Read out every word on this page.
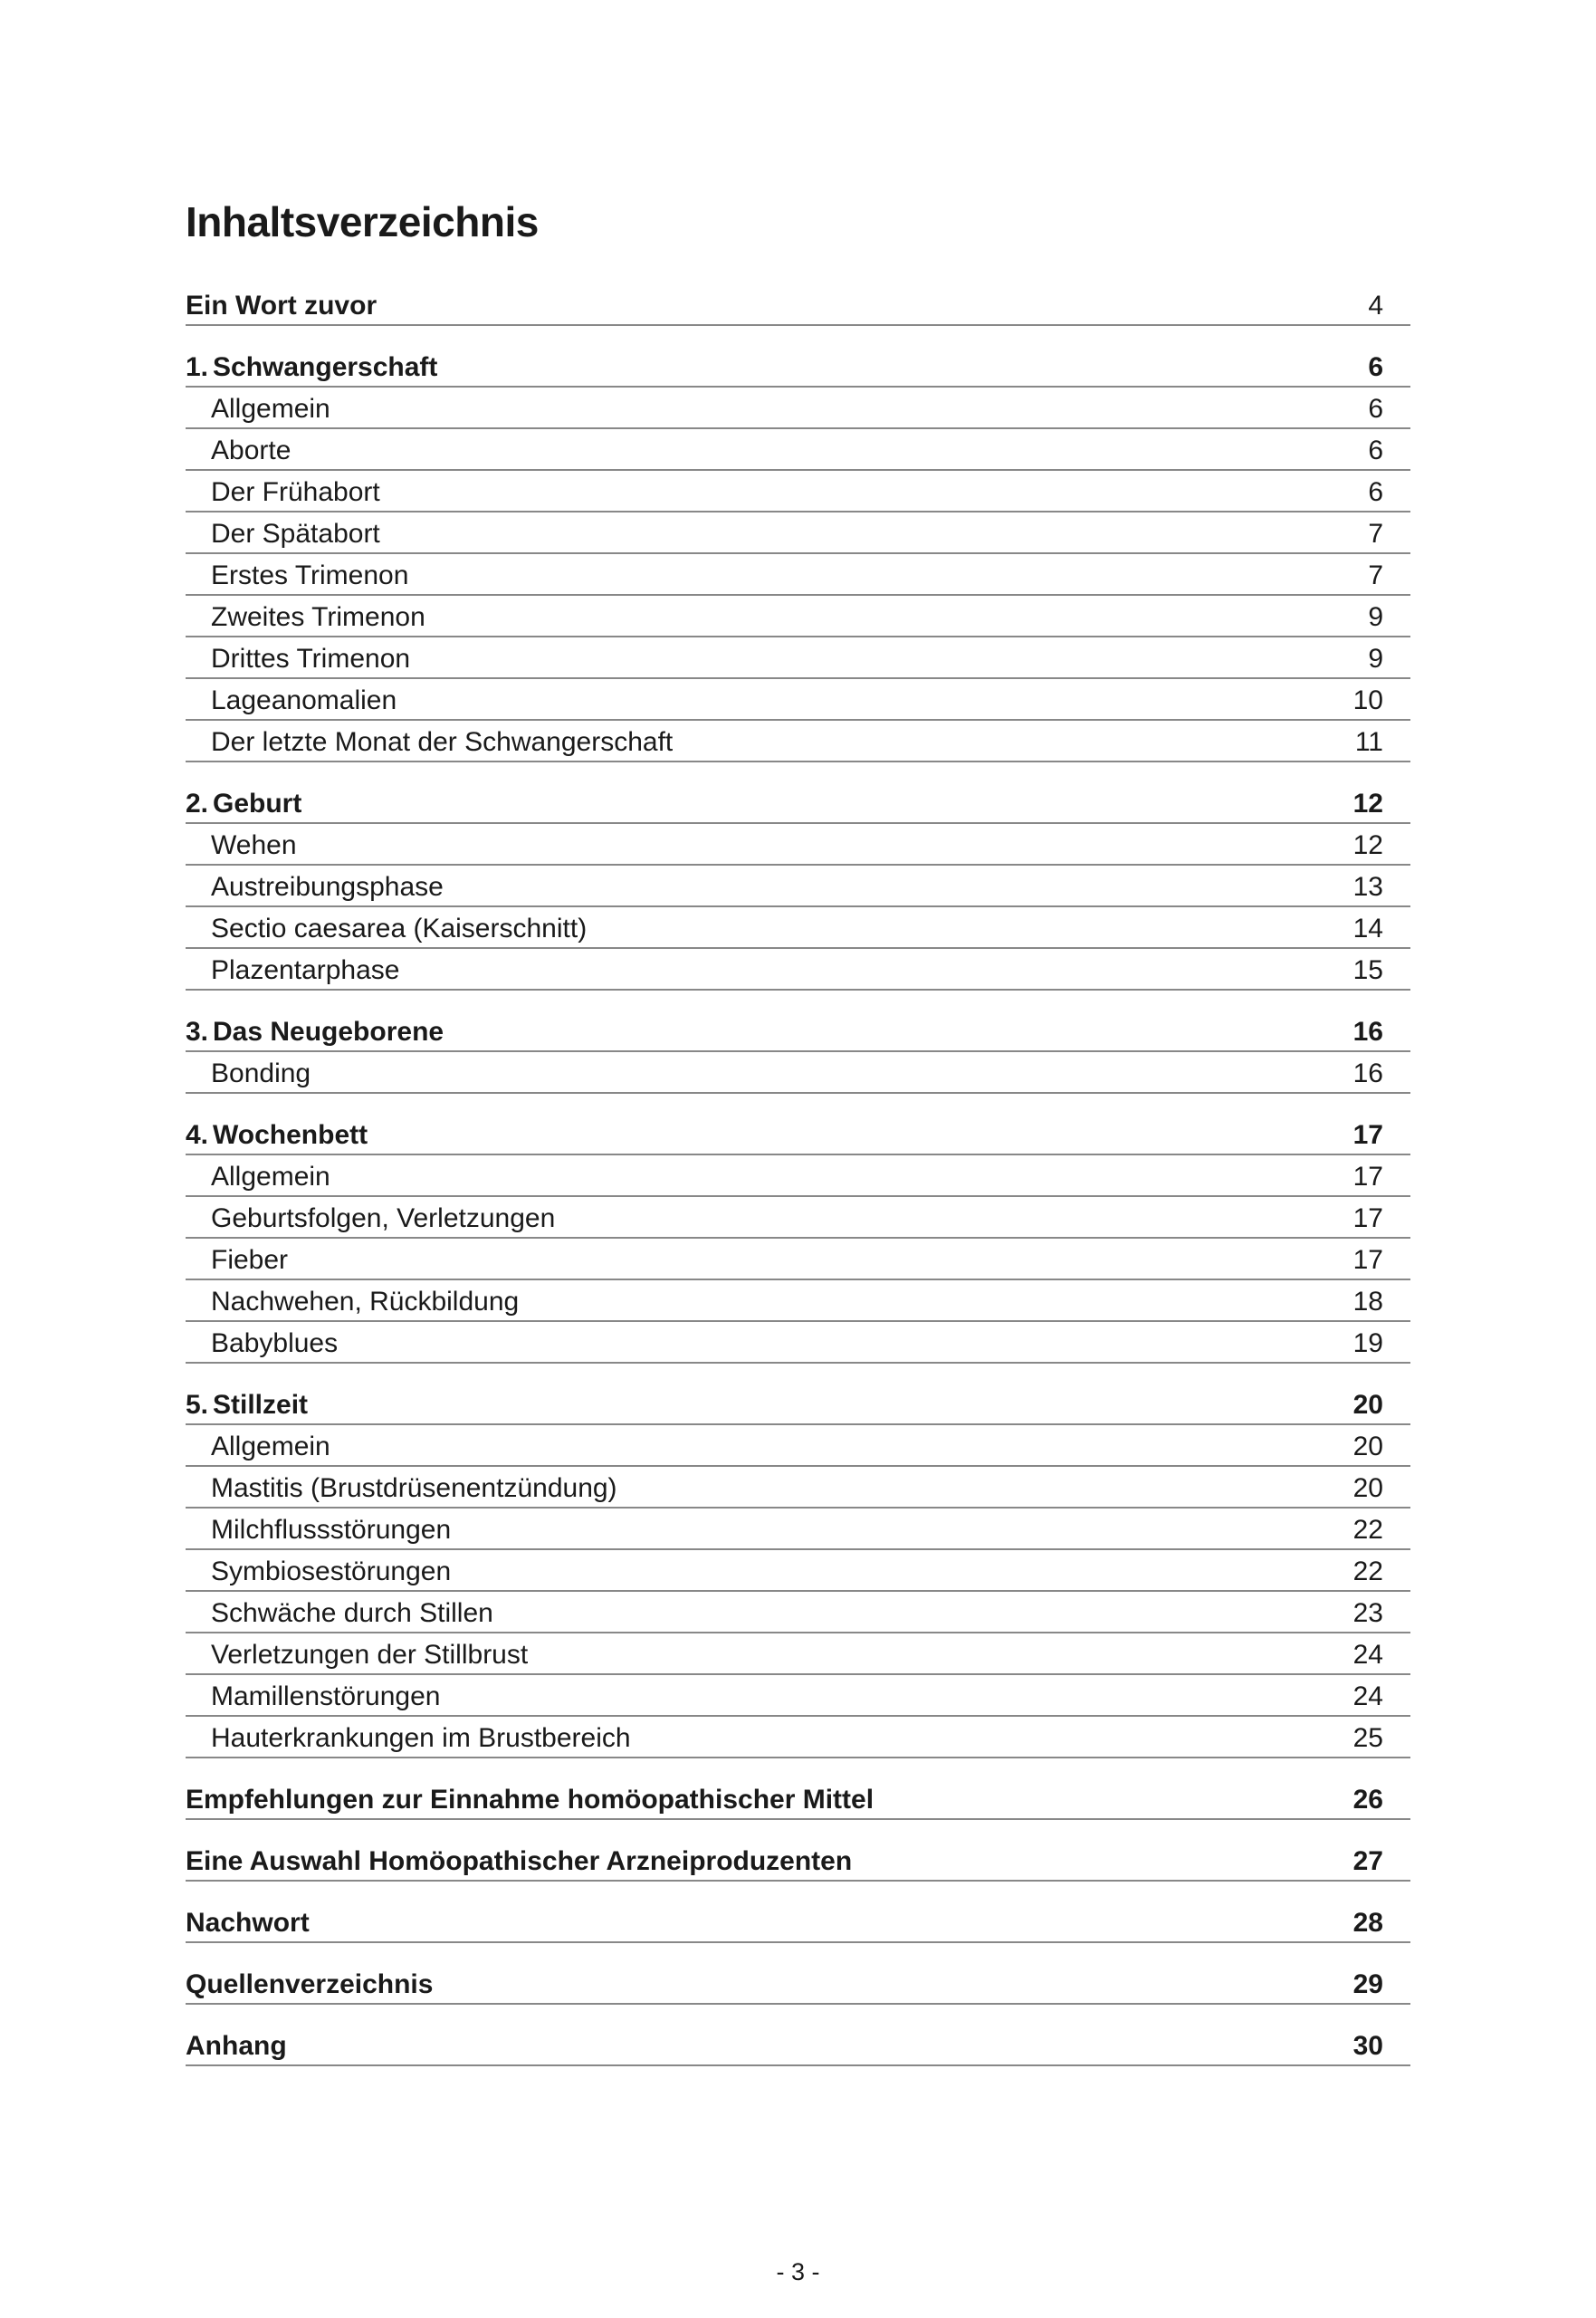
Inhaltsverzeichnis
Ein Wort zuvor	4
1. Schwangerschaft	6
Allgemein	6
Aborte	6
Der Frühabort	6
Der Spätabort	7
Erstes Trimenon	7
Zweites Trimenon	9
Drittes Trimenon	9
Lageanomalien	10
Der letzte Monat der Schwangerschaft	11
2. Geburt	12
Wehen	12
Austreibungsphase	13
Sectio caesarea (Kaiserschnitt)	14
Plazentarphase	15
3. Das Neugeborene	16
Bonding	16
4. Wochenbett	17
Allgemein	17
Geburtsfolgen, Verletzungen	17
Fieber	17
Nachwehen, Rückbildung	18
Babyblues	19
5. Stillzeit	20
Allgemein	20
Mastitis (Brustdrüsenentzündung)	20
Milchflussstörungen	22
Symbiosestörungen	22
Schwäche durch Stillen	23
Verletzungen der Stillbrust	24
Mamillenstörungen	24
Hauterkrankungen im Brustbereich	25
Empfehlungen zur Einnahme homöopathischer Mittel	26
Eine Auswahl Homöopathischer Arzneiproduzenten	27
Nachwort	28
Quellenverzeichnis	29
Anhang	30
- 3 -
